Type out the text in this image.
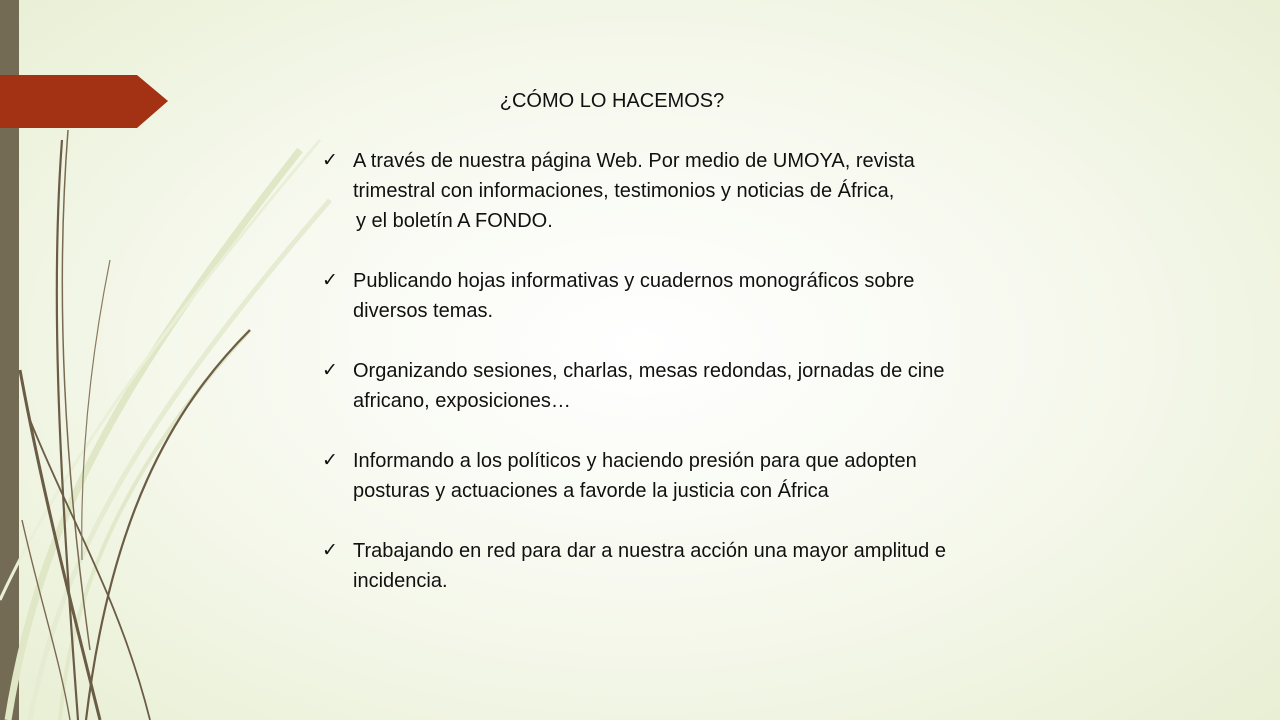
¿CÓMO LO HACEMOS?
✓ A través de nuestra página Web. Por medio de UMOYA, revista trimestral con informaciones, testimonios y noticias de África,
y el boletín A FONDO.
✓ Publicando hojas informativas y cuadernos monográficos sobre diversos temas.
✓ Organizando sesiones, charlas, mesas redondas, jornadas de cine africano, exposiciones…
✓ Informando a los políticos y haciendo presión para que adopten posturas y actuaciones a favorde la justicia con África
✓ Trabajando en red para dar a nuestra acción una mayor amplitud e incidencia.
